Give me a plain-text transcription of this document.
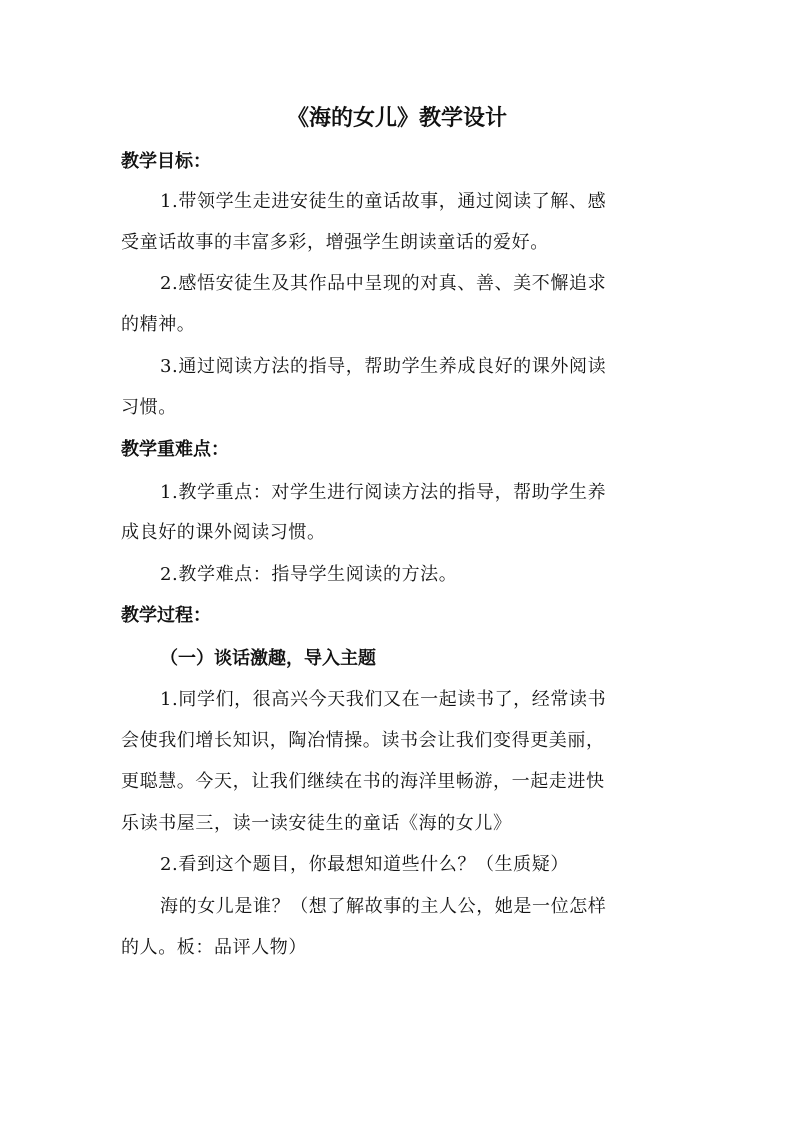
《海的女儿》教学设计
教学目标：
1.带领学生走进安徒生的童话故事，通过阅读了解、感
受童话故事的丰富多彩，增强学生朗读童话的爱好。
2.感悟安徒生及其作品中呈现的对真、善、美不懈追求
的精神。
3.通过阅读方法的指导，帮助学生养成良好的课外阅读
习惯。
教学重难点：
1.教学重点：对学生进行阅读方法的指导，帮助学生养
成良好的课外阅读习惯。
2.教学难点：指导学生阅读的方法。
教学过程：
（一）谈话激趣，导入主题
1.同学们，很高兴今天我们又在一起读书了，经常读书
会使我们增长知识，陶冶情操。读书会让我们变得更美丽，
更聪慧。今天，让我们继续在书的海洋里畅游，一起走进快
乐读书屋三，读一读安徒生的童话《海的女儿》
2.看到这个题目，你最想知道些什么？（生质疑）
海的女儿是谁？（想了解故事的主人公，她是一位怎样
的人。板：品评人物）
